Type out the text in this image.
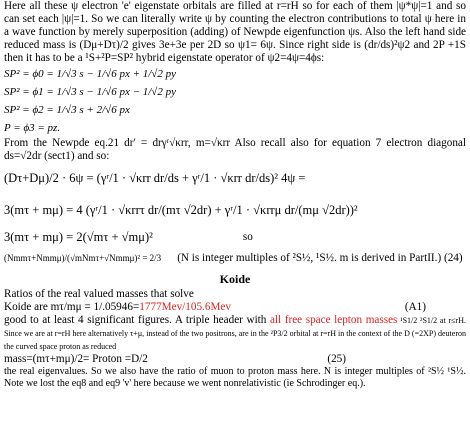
Here all these ψ electron 'e' eigenstate orbitals are filled at r=rH so for each of them |ψ*ψ|=1 and so can set each |ψ|=1. So we can literally write ψ by counting the electron contributions to total ψ here in a wave function by merely superposition (adding) of Newpde eigenfunction ψs. Also the left hand side reduced mass is (Dμ+Dτ)/2 gives 3e+3e per 2D so ψ1= 6ψ. Since right side is (dr/ds)²ψ2 and 2P +1S then it has to be a ¹S+²P=SP² hybrid eigenstate operator of ψ2=4ψ=4ϕs:

SP² = ϕ0 = 1/√3 s − 1/√6 px + 1/√2 py
SP² = ϕ1 = 1/√3 s − 1/√6 px − 1/√2 py
SP² = ϕ2 = 1/√3 s + 2/√6 px
P = ϕ3 = pz.

From the Newpde eq.21 dr′ = drγʳ√κrr, m=√κrr Also recall also for equation 7 electron diagonal ds=√2dr (sect1) and so:

(Dτ+Dμ)/2 · 6ψ = (γʳ/1 · √κrr dr/ds + γʳ/1 · √κrr dr/ds)² 4ψ =
3(mτ + mμ) = 4 (γʳ/1 · √κrrτ dr/(mτ √2dr) + γʳ/1 · √κrrμ dr/(mμ √2dr))²
3(mτ + mμ) = 2(√mτ + √mμ)²	so
(Nmmτ+Nmmμ)/(√mNmτ+√Nmmμ)² = 2/3 (N is integer multiples of ²S½, ¹S½. m is derived in PartII.) (24)
Koide

Ratios of the real valued masses that solve

Koide are mτ/mμ = 1/.05946= 1777Mev/105.6Mev	(A1)

good to at least 4 significant figures. A triple header with all free space lepton masses ¹S1/2 ²S1/2 at r≤rH. Since we are at r=rH here alternatively τ+μ, instead of the two positrons, are in the ²P3/2 orbital at r=rH in the context of the D (=2XP) deuteron the curved space proton as reduced

mass=(mτ+mμ)/2= Proton =D/2	(25)

the real eigenvalues. So we also have the ratio of muon to proton mass here. N is integer multiples of ²S½ ¹S½. Note we lost the eq8 and eq9 'v' here because we went nonrelativistic (ie Schrodinger eq.).
